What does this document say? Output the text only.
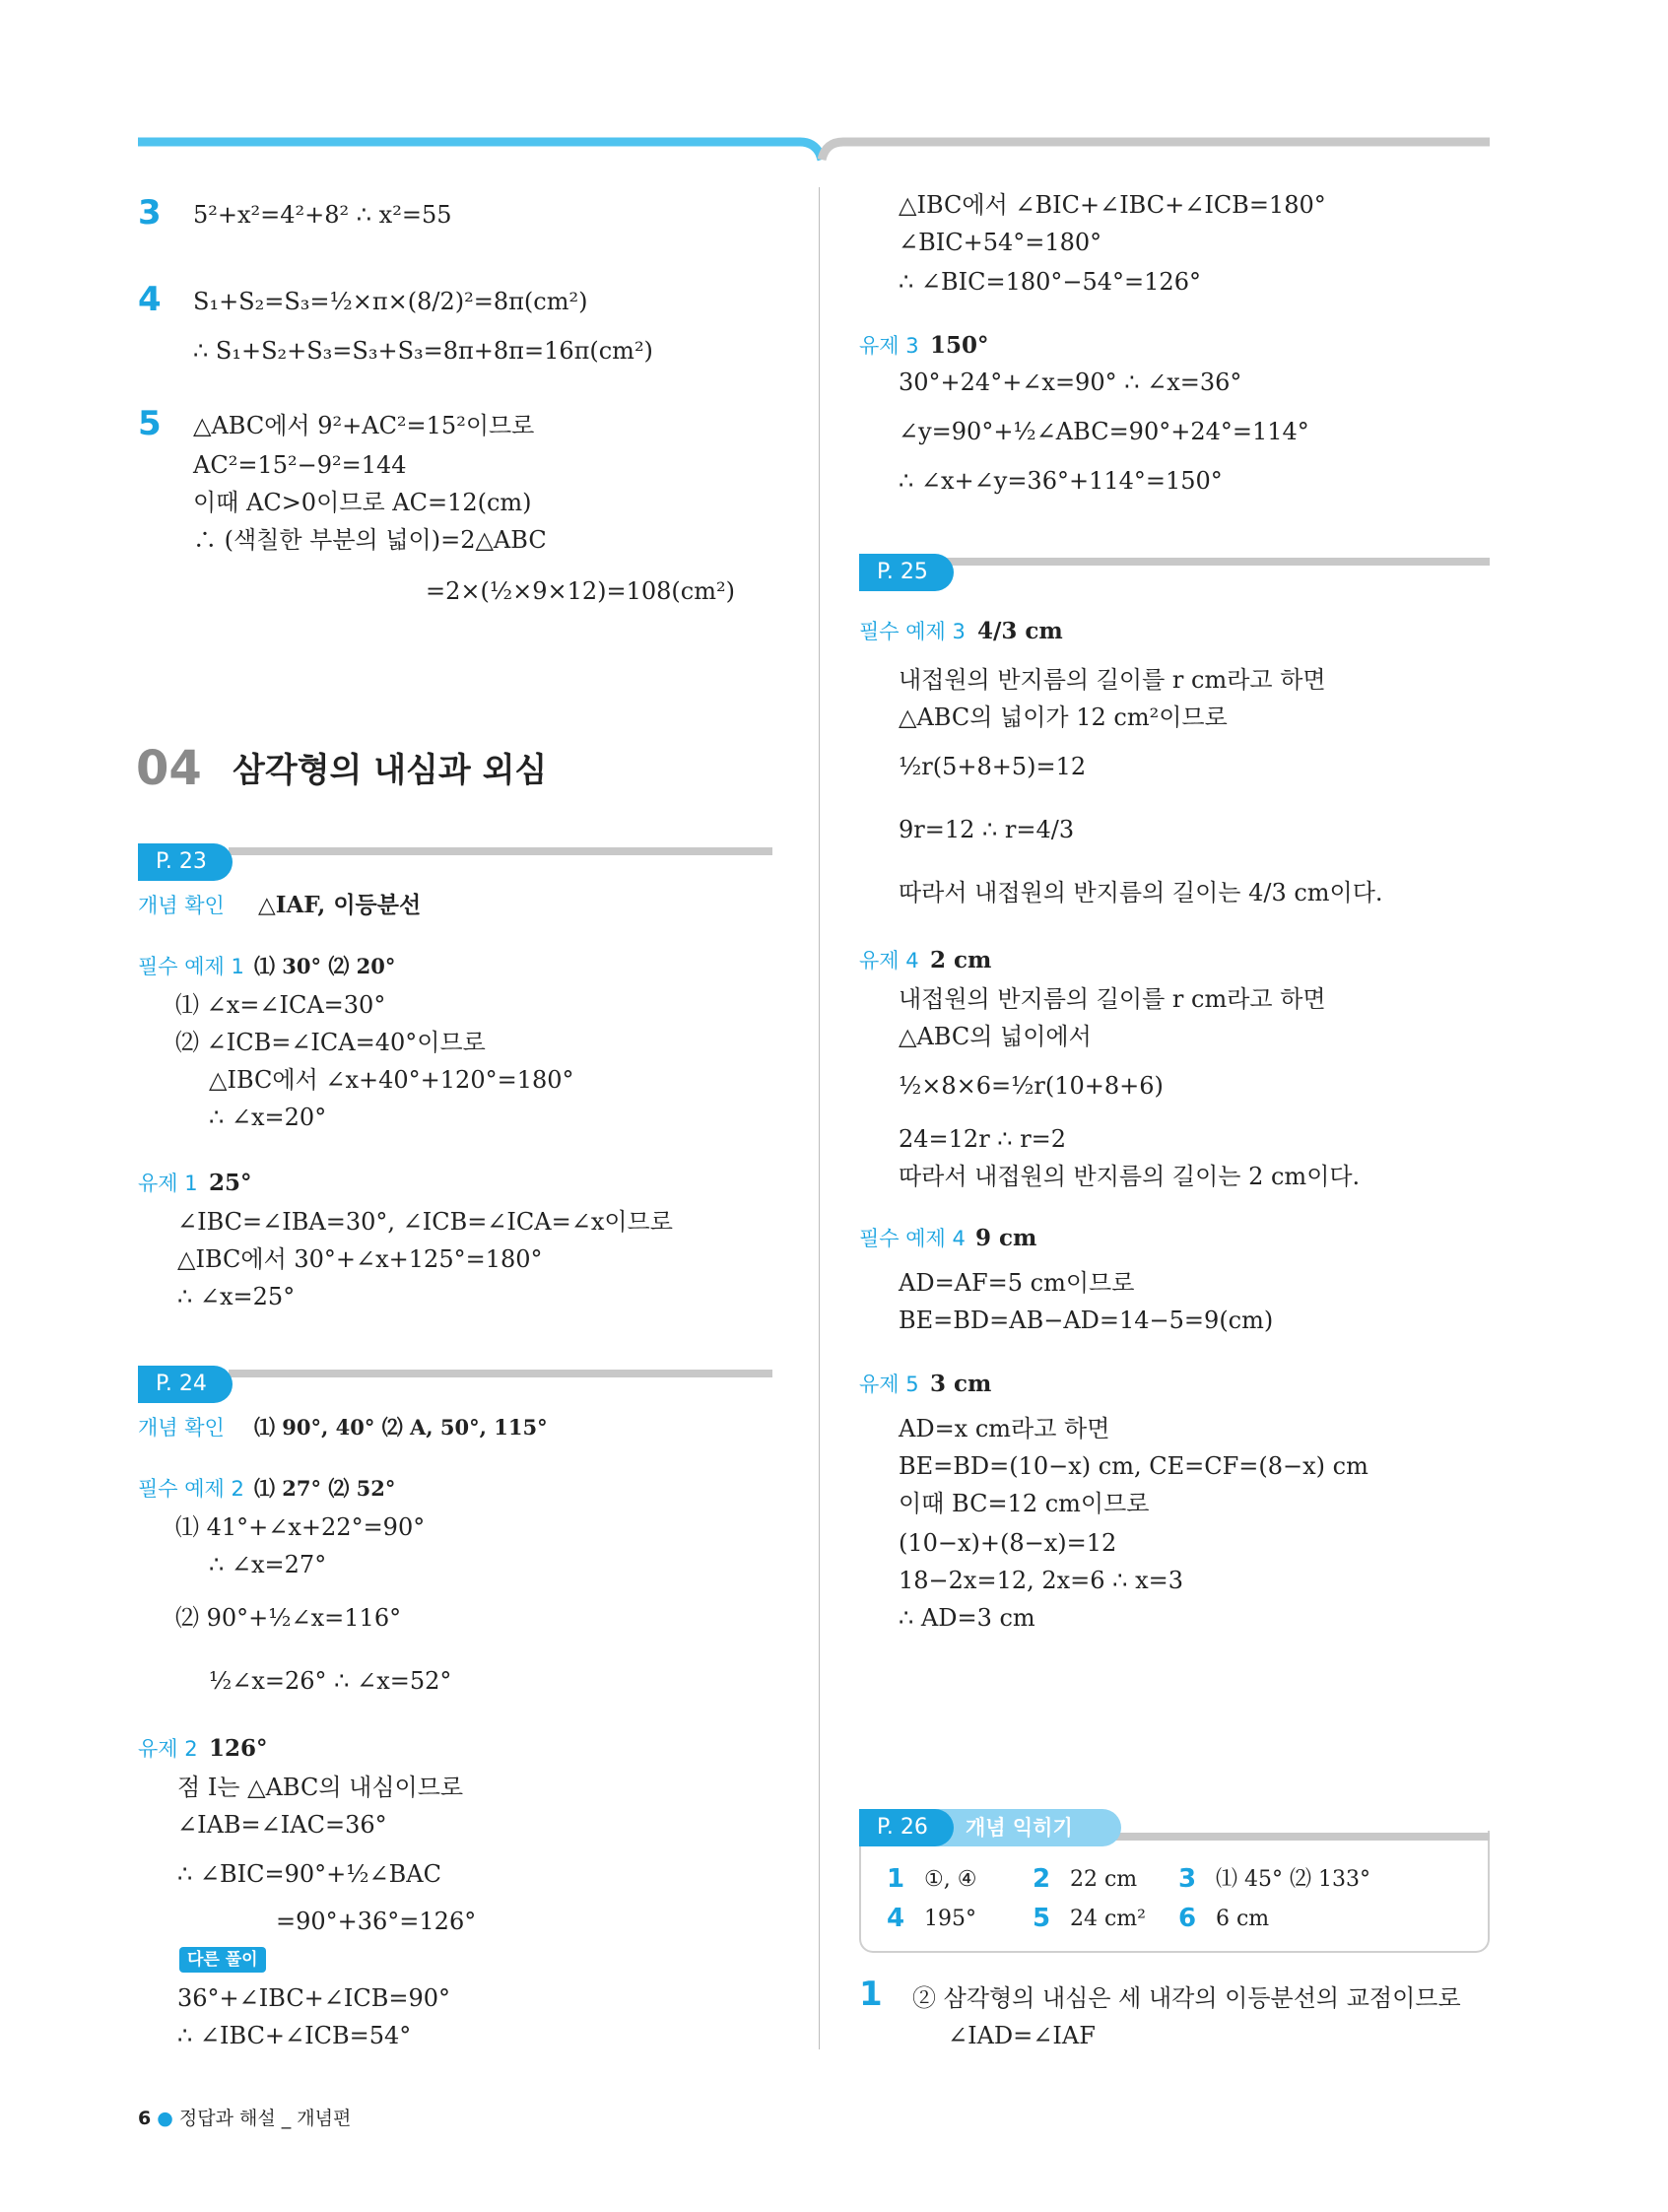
3 5²+x²=4²+8² ∴ x²=55
4 S₁+S₂=S₃=½×π×(8/2)²=8π(cm²)
∴ S₁+S₂+S₃=S₃+S₃=8π+8π=16π(cm²)
5 △ABC에서 9²+AC²=15²이므로
AC²=15²−9²=144
이때 AC>0이므로 AC=12(cm)
∴ (색칠한 부분의 넓이)=2△ABC
=2×(½×9×12)=108(cm²)
04 삼각형의 내심과 외심
P. 23
개념 확인 △IAF, 이등분선
필수 예제 1 ⑴ 30° ⑵ 20°
⑴ ∠x=∠ICA=30°
⑵ ∠ICB=∠ICA=40°이므로
△IBC에서 ∠x+40°+120°=180°
∴ ∠x=20°
유제 1 25°
∠IBC=∠IBA=30°, ∠ICB=∠ICA=∠x이므로
△IBC에서 30°+∠x+125°=180°
∴ ∠x=25°
P. 24
개념 확인 ⑴ 90°, 40° ⑵ A, 50°, 115°
필수 예제 2 ⑴ 27° ⑵ 52°
⑴ 41°+∠x+22°=90°
∴ ∠x=27°
⑵ 90°+½∠x=116°
½∠x=26° ∴ ∠x=52°
유제 2 126°
점 I는 △ABC의 내심이므로
∠IAB=∠IAC=36°
∴ ∠BIC=90°+½∠BAC
=90°+36°=126°
다른 풀이
36°+∠IBC+∠ICB=90°
∴ ∠IBC+∠ICB=54°
6 ● 정답과 해설 _ 개념편
△IBC에서 ∠BIC+∠IBC+∠ICB=180°
∠BIC+54°=180°
∴ ∠BIC=180°−54°=126°
유제 3 150°
30°+24°+∠x=90° ∴ ∠x=36°
∠y=90°+½∠ABC=90°+24°=114°
∴ ∠x+∠y=36°+114°=150°
P. 25
필수 예제 3 4/3 cm
내접원의 반지름의 길이를 r cm라고 하면
△ABC의 넓이가 12 cm²이므로
½r(5+8+5)=12
9r=12 ∴ r=4/3
따라서 내접원의 반지름의 길이는 4/3 cm이다.
유제 4 2 cm
내접원의 반지름의 길이를 r cm라고 하면
△ABC의 넓이에서
½×8×6=½r(10+8+6)
24=12r ∴ r=2
따라서 내접원의 반지름의 길이는 2 cm이다.
필수 예제 4 9 cm
AD=AF=5 cm이므로
BE=BD=AB−AD=14−5=9(cm)
유제 5 3 cm
AD=x cm라고 하면
BE=BD=(10−x) cm, CE=CF=(8−x) cm
이때 BC=12 cm이므로
(10−x)+(8−x)=12
18−2x=12, 2x=6 ∴ x=3
∴ AD=3 cm
개념 익히기
P. 26
1 ①, ④ 2 22 cm 3 ⑴ 45° ⑵ 133°
4 195° 5 24 cm² 6 6 cm
1 ② 삼각형의 내심은 세 내각의 이등분선의 교점이므로
∠IAD=∠IAF
